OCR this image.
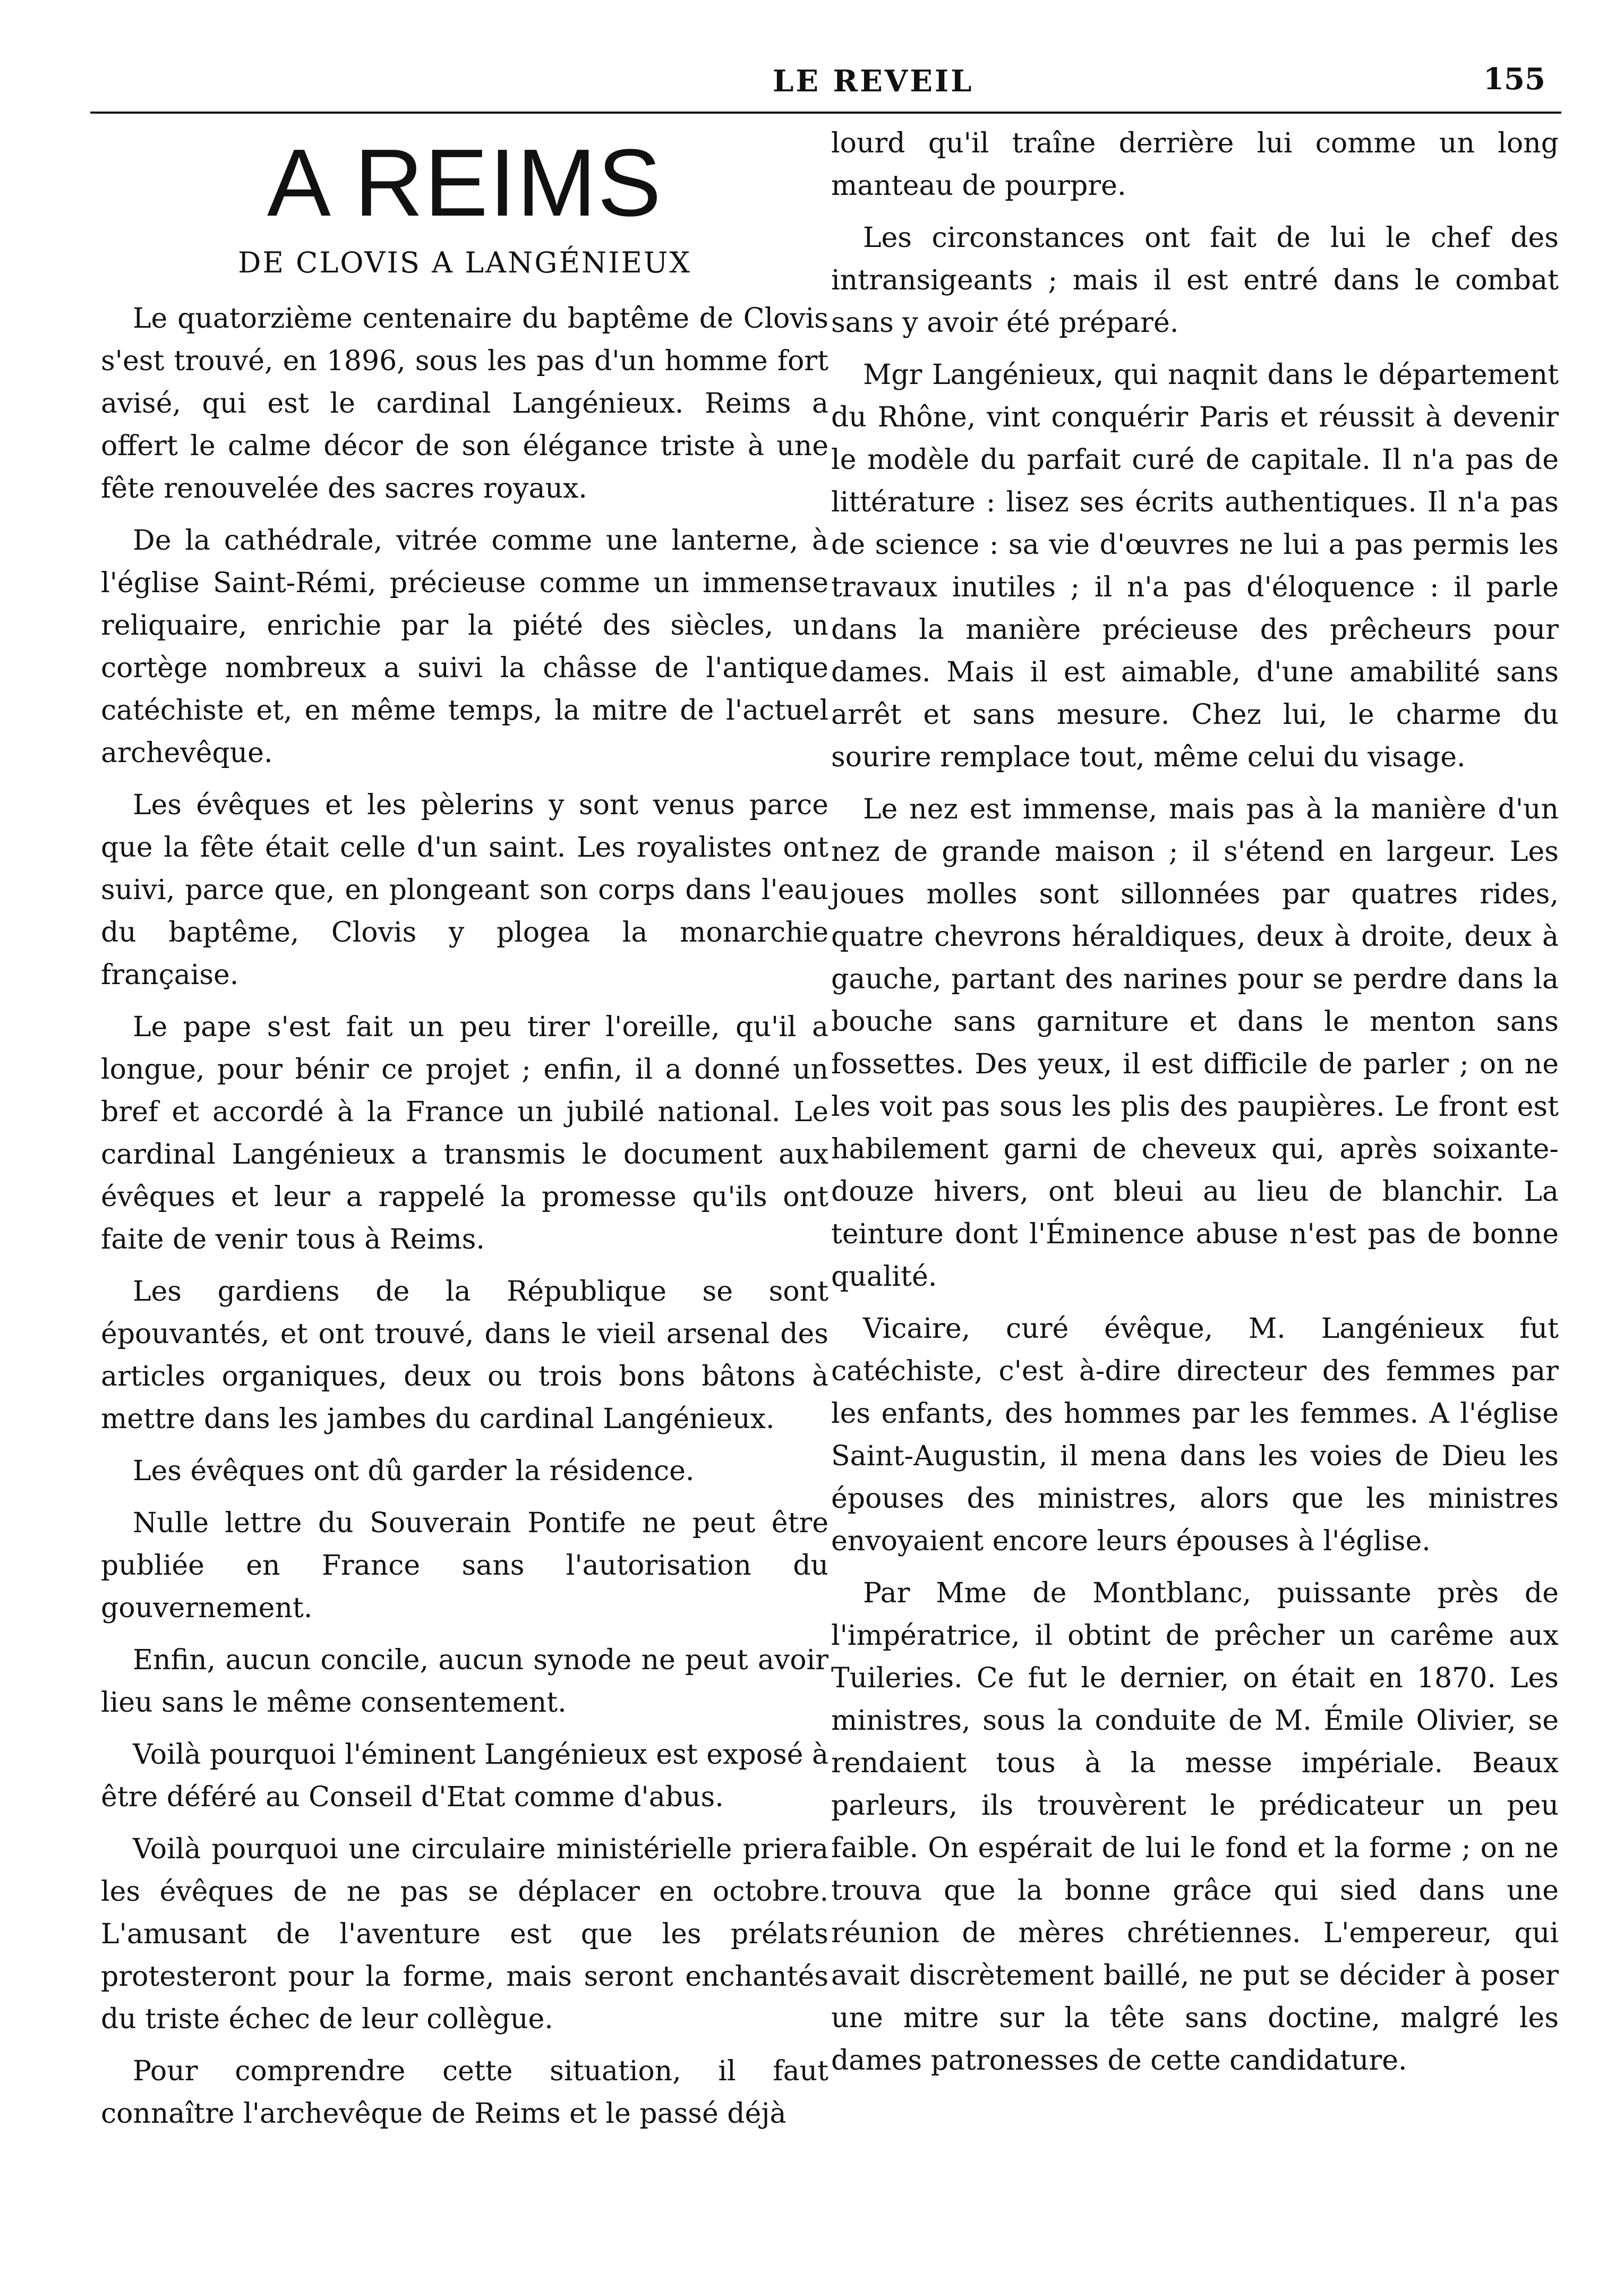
LE REVEIL	155
A REIMS
DE CLOVIS A LANGÉNIEUX

Le quatorzième centenaire du baptême de Clovis s'est trouvé, en 1896, sous les pas d'un homme fort avisé, qui est le cardinal Langénieux. Reims a offert le calme décor de son élégance triste à une fête renouvelée des sacres royaux.

De la cathédrale, vitrée comme une lanterne, à l'église Saint-Rémi, précieuse comme un immense reliquaire, enrichie par la piété des siècles, un cortège nombreux a suivi la châsse de l'antique catéchiste et, en même temps, la mitre de l'actuel archevêque.

Les évêques et les pèlerins y sont venus parce que la fête était celle d'un saint. Les royalistes ont suivi, parce que, en plongeant son corps dans l'eau du baptême, Clovis y plogea la monarchie française.

Le pape s'est fait un peu tirer l'oreille, qu'il a longue, pour bénir ce projet ; enfin, il a donné un bref et accordé à la France un jubilé national. Le cardinal Langénieux a transmis le document aux évêques et leur a rappelé la promesse qu'ils ont faite de venir tous à Reims.

Les gardiens de la République se sont épouvantés, et ont trouvé, dans le vieil arsenal des articles organiques, deux ou trois bons bâtons à mettre dans les jambes du cardinal Langénieux.

Les évêques ont dû garder la résidence.

Nulle lettre du Souverain Pontife ne peut être publiée en France sans l'autorisation du gouvernement.

Enfin, aucun concile, aucun synode ne peut avoir lieu sans le même consentement.

Voilà pourquoi l'éminent Langénieux est exposé à être déféré au Conseil d'Etat comme d'abus.

Voilà pourquoi une circulaire ministérielle priera les évêques de ne pas se déplacer en octobre. L'amusant de l'aventure est que les prélats protesteront pour la forme, mais seront enchantés du triste échec de leur collègue.

Pour comprendre cette situation, il faut connaître l'archevêque de Reims et le passé déjà

lourd qu'il traîne derrière lui comme un long manteau de pourpre.

Les circonstances ont fait de lui le chef des intransigeants ; mais il est entré dans le combat sans y avoir été préparé.

Mgr Langénieux, qui naqnit dans le département du Rhône, vint conquérir Paris et réussit à devenir le modèle du parfait curé de capitale. Il n'a pas de littérature : lisez ses écrits authentiques. Il n'a pas de science : sa vie d'œuvres ne lui a pas permis les travaux inutiles ; il n'a pas d'éloquence : il parle dans la manière précieuse des prêcheurs pour dames. Mais il est aimable, d'une amabilité sans arrêt et sans mesure. Chez lui, le charme du sourire remplace tout, même celui du visage.

Le nez est immense, mais pas à la manière d'un nez de grande maison ; il s'étend en largeur. Les joues molles sont sillonnées par quatres rides, quatre chevrons héraldiques, deux à droite, deux à gauche, partant des narines pour se perdre dans la bouche sans garniture et dans le menton sans fossettes. Des yeux, il est difficile de parler ; on ne les voit pas sous les plis des paupières. Le front est habilement garni de cheveux qui, après soixante-douze hivers, ont bleui au lieu de blanchir. La teinture dont l'Éminence abuse n'est pas de bonne qualité.

Vicaire, curé évêque, M. Langénieux fut catéchiste, c'est à-dire directeur des femmes par les enfants, des hommes par les femmes. A l'église Saint-Augustin, il mena dans les voies de Dieu les épouses des ministres, alors que les ministres envoyaient encore leurs épouses à l'église.

Par Mme de Montblanc, puissante près de l'impératrice, il obtint de prêcher un carême aux Tuileries. Ce fut le dernier, on était en 1870. Les ministres, sous la conduite de M. Émile Olivier, se rendaient tous à la messe impériale. Beaux parleurs, ils trouvèrent le prédicateur un peu faible. On espérait de lui le fond et la forme ; on ne trouva que la bonne grâce qui sied dans une réunion de mères chrétiennes. L'empereur, qui avait discrètement baillé, ne put se décider à poser une mitre sur la tête sans doctine, malgré les dames patronesses de cette candidature.
